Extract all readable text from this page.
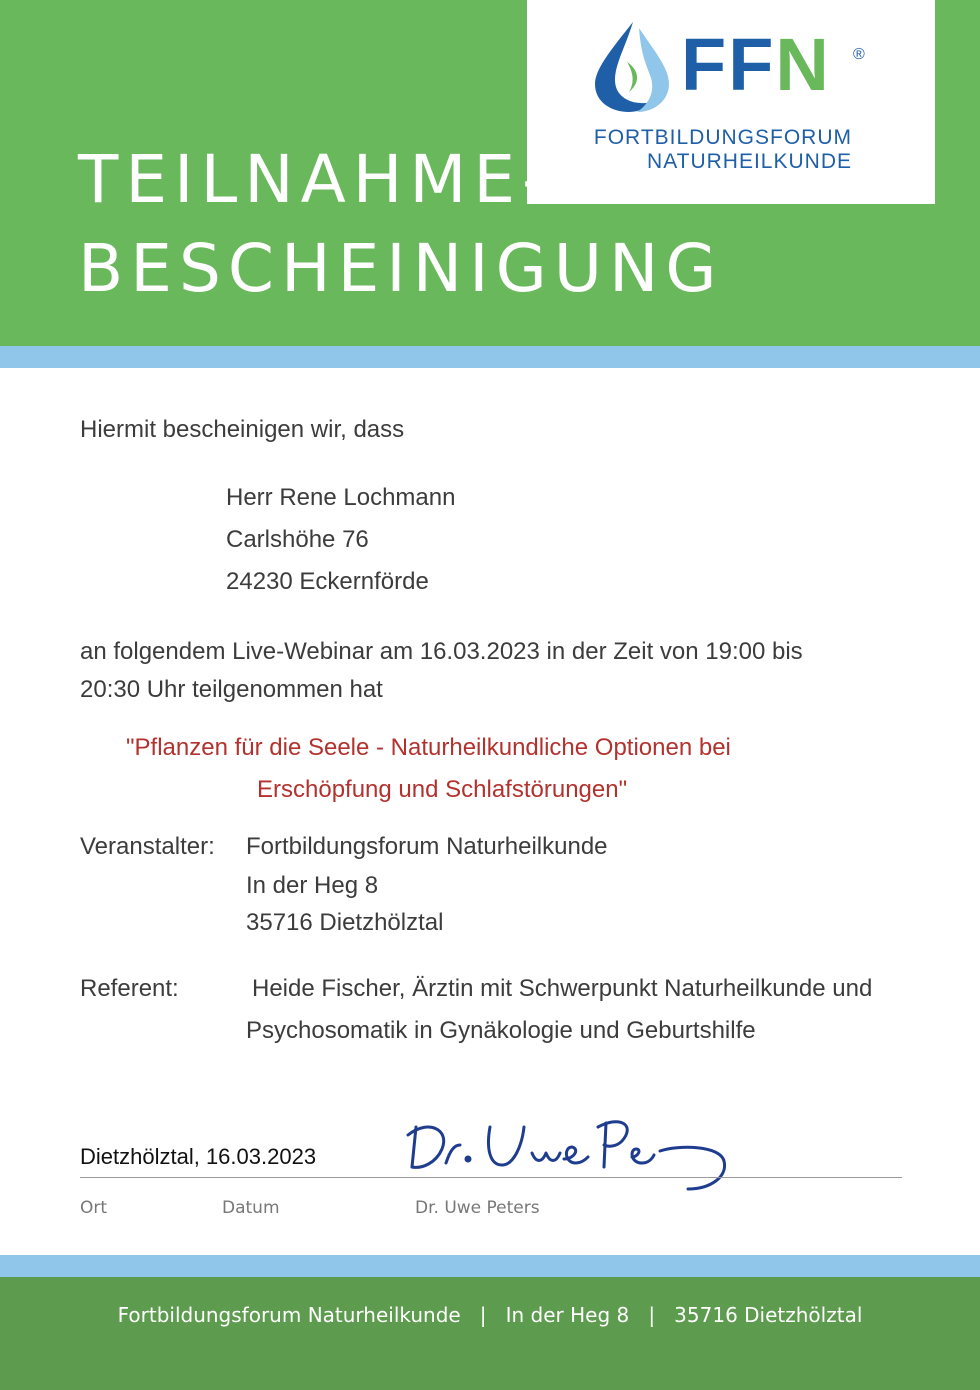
FFN ®
FORTBILDUNGSFORUM
NATURHEILKUNDE
TEILNAHME-
BESCHEINIGUNG
Hiermit bescheinigen wir, dass
Herr Rene Lochmann
Carlshöhe 76
24230 Eckernförde
an folgendem Live-Webinar am 16.03.2023 in der Zeit von 19:00 bis
20:30 Uhr teilgenommen hat
"Pflanzen für die Seele - Naturheilkundliche Optionen bei
Erschöpfung und Schlafstörungen"
Veranstalter: Fortbildungsforum Naturheilkunde
In der Heg 8
35716 Dietzhölztal
Referent:	Heide Fischer, Ärztin mit Schwerpunkt Naturheilkunde und
Psychosomatik in Gynäkologie und Geburtshilfe
Dietzhölztal, 16.03.2023
Ort	Datum	Dr. Uwe Peters
Fortbildungsforum Naturheilkunde | In der Heg 8 | 35716 Dietzhölztal
